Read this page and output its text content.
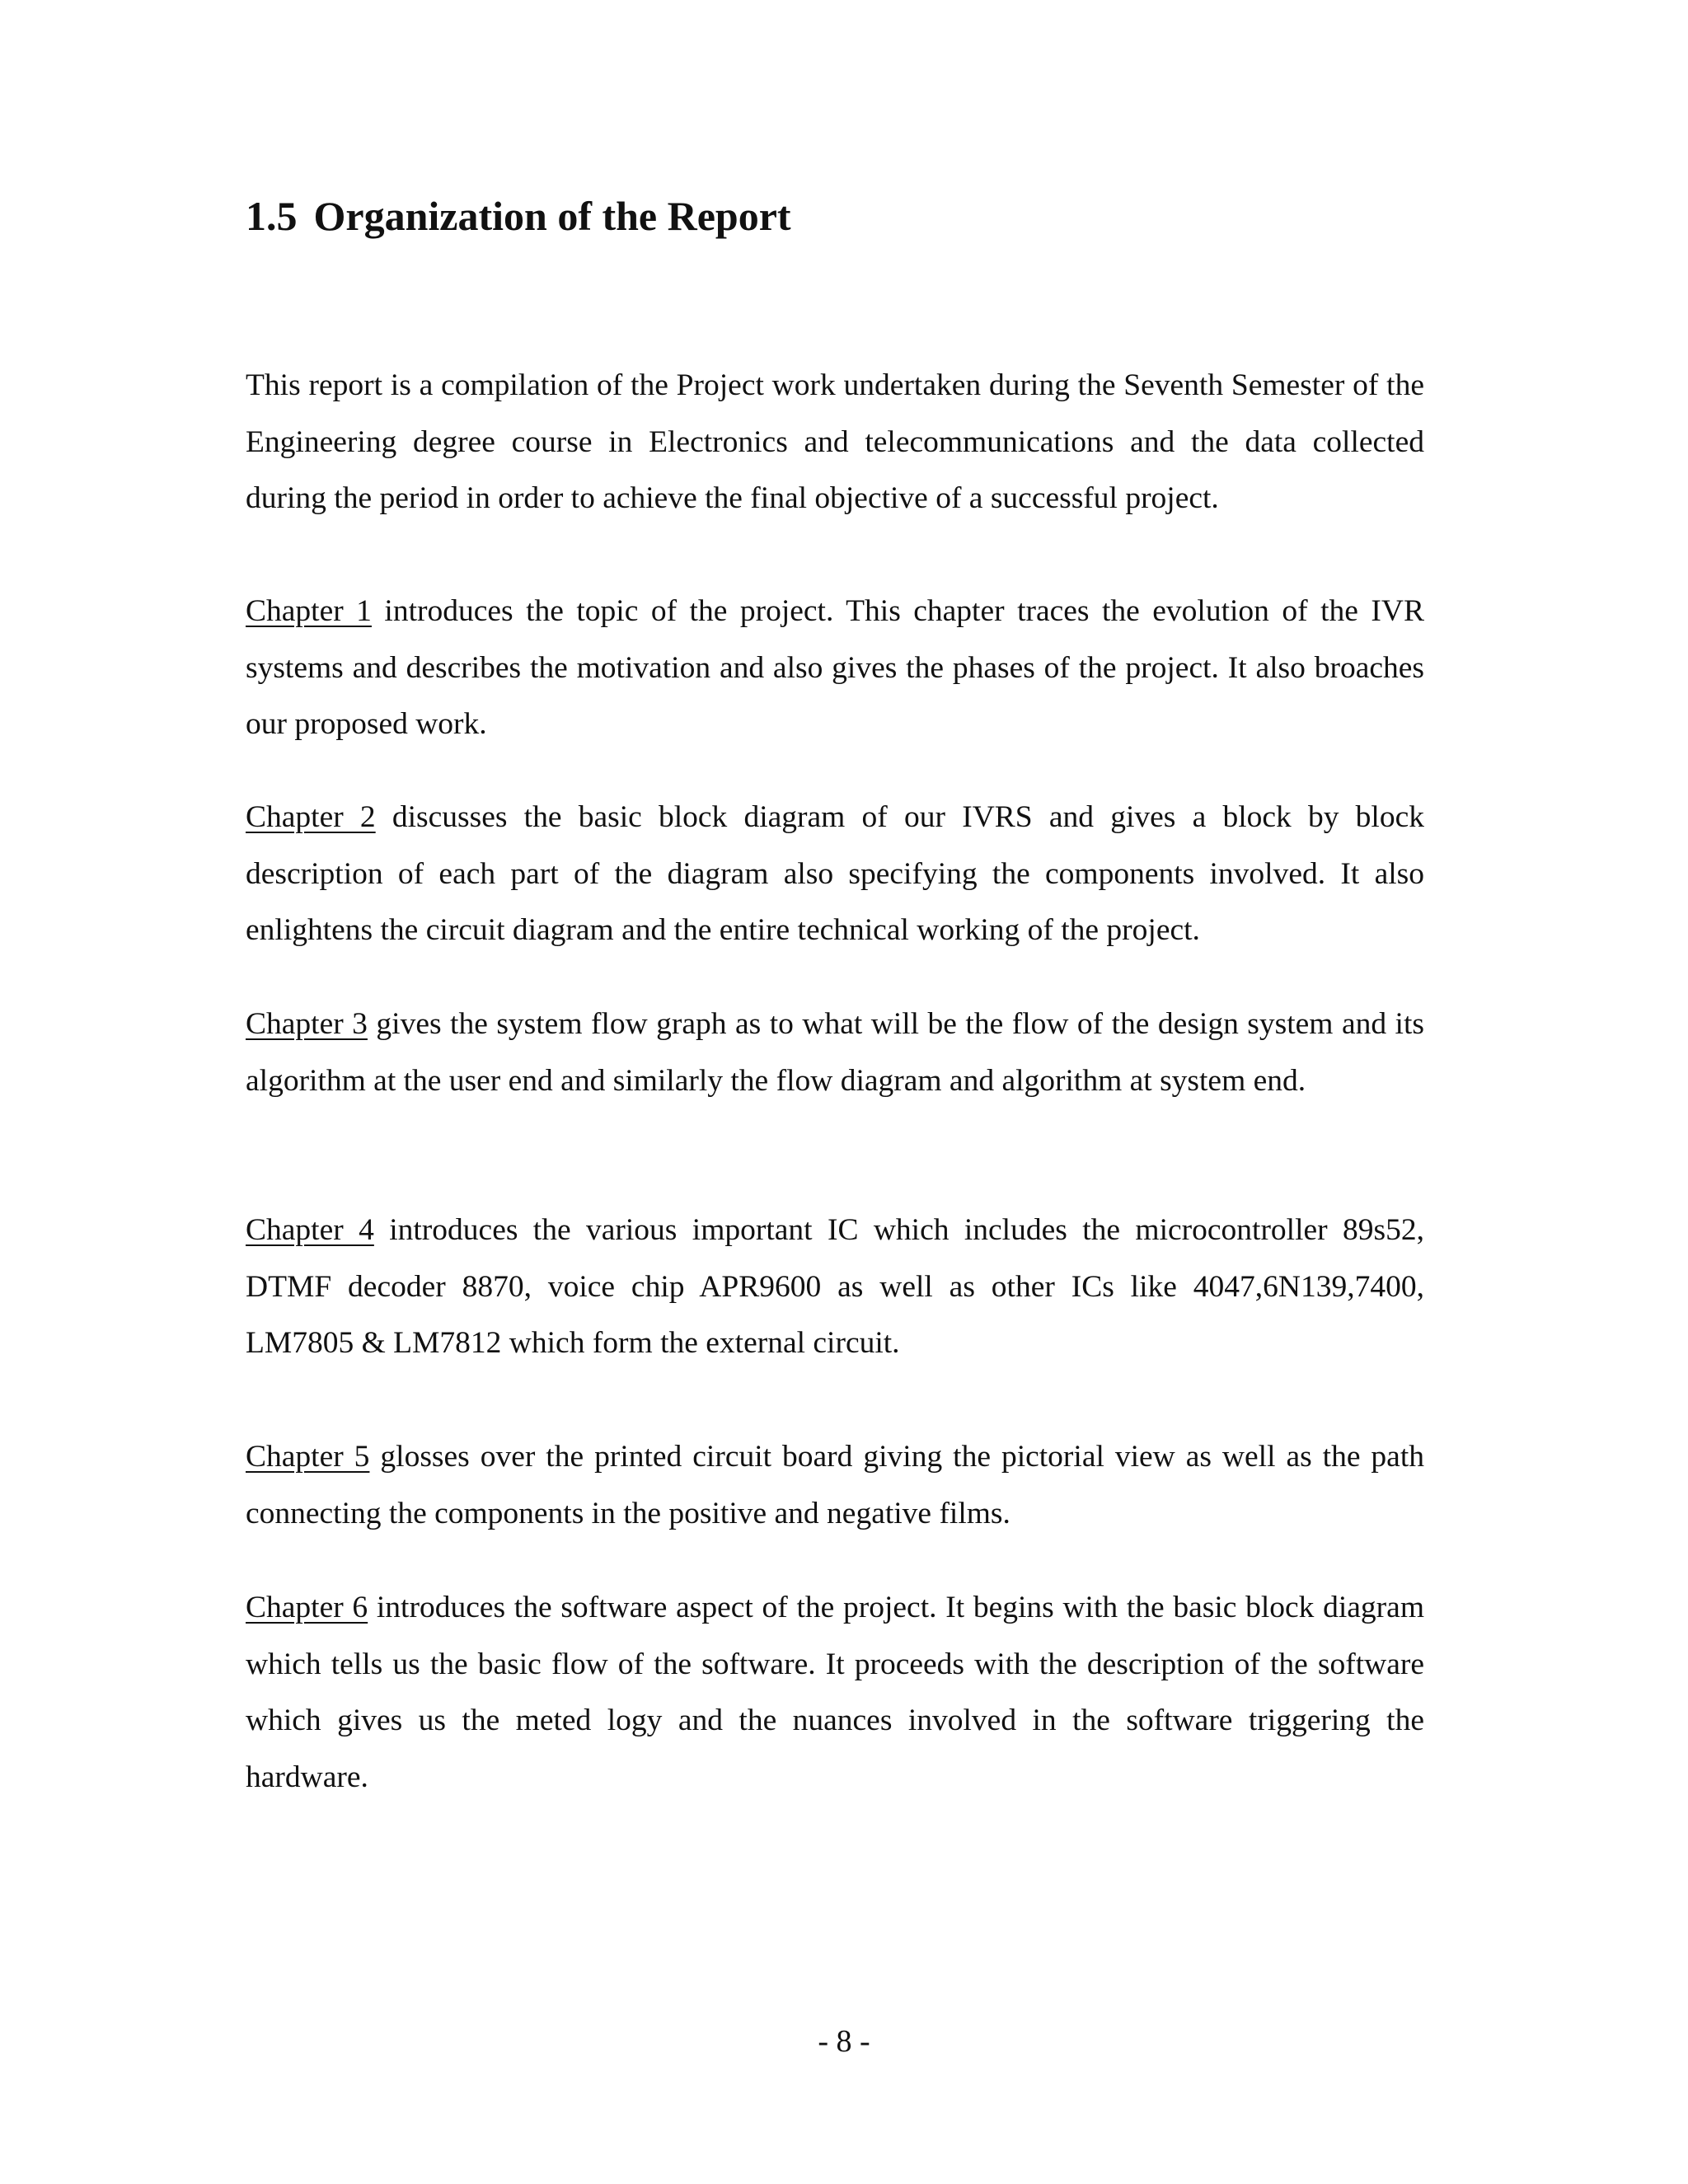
1.5 Organization of the Report

This report is a compilation of the Project work undertaken during the Seventh Semester of the Engineering degree course in Electronics and telecommunications and the data collected during the period in order to achieve the final objective of a successful project.

Chapter 1 introduces the topic of the project. This chapter traces the evolution of the IVR systems and describes the motivation and also gives the phases of the project. It also broaches our proposed work.

Chapter 2 discusses the basic block diagram of our IVRS and gives a block by block description of each part of the diagram also specifying the components involved. It also enlightens the circuit diagram and the entire technical working of the project.

Chapter 3 gives the system flow graph as to what will be the flow of the design system and its algorithm at the user end and similarly the flow diagram and algorithm at system end.

Chapter 4 introduces the various important IC which includes the microcontroller 89s52, DTMF decoder 8870, voice chip APR9600 as well as other ICs like 4047,6N139,7400, LM7805 & LM7812 which form the external circuit.

Chapter 5 glosses over the printed circuit board giving the pictorial view as well as the path connecting the components in the positive and negative films.

Chapter 6 introduces the software aspect of the project. It begins with the basic block diagram which tells us the basic flow of the software. It proceeds with the description of the software which gives us the meted logy and the nuances involved in the software triggering the hardware.

- 8 -
